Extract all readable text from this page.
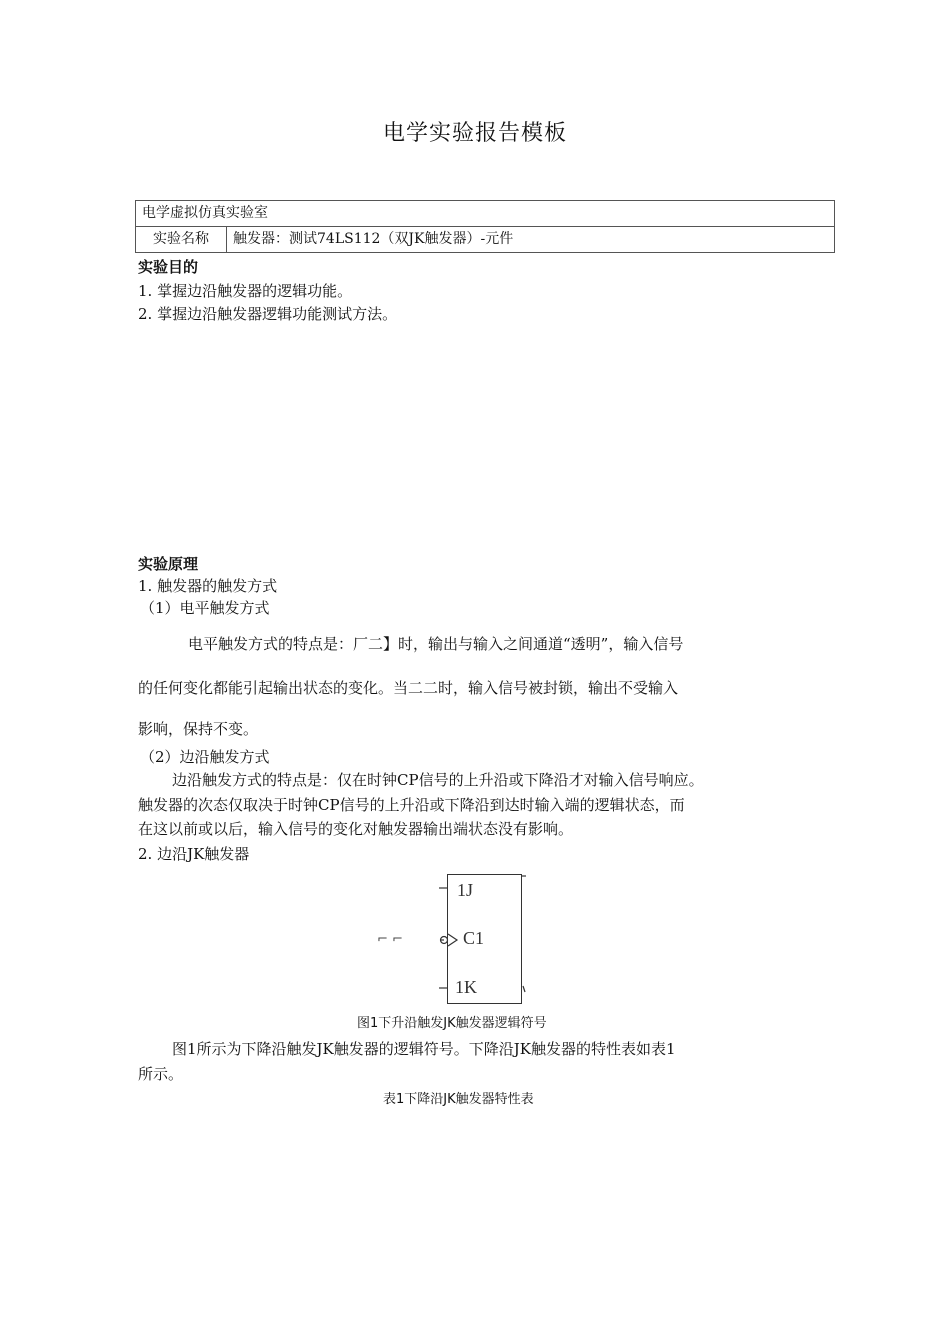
电学实验报告模板
电学虚拟仿真实验室
实验名称	触发器：测试74LS112（双JK触发器）-元件
实验目的
1. 掌握边沿触发器的逻辑功能。
2. 掌握边沿触发器逻辑功能测试方法。
实验原理
1. 触发器的触发方式
（1）电平触发方式
电平触发方式的特点是：厂二】时，输出与输入之间通道“透明”，输入信号
的任何变化都能引起输出状态的变化。当二二时，输入信号被封锁，输出不受输入
影响，保持不变。
（2）边沿触发方式
边沿触发方式的特点是：仅在时钟CP信号的上升沿或下降沿才对输入信号响应。
触发器的次态仅取决于时钟CP信号的上升沿或下降沿到达时输入端的逻辑状态，而
在这以前或以后，输入信号的变化对触发器输出端状态没有影响。
2. 边沿JK触发器
⌐ ⌐
1J
C1
1K
图1下升沿触发JK触发器逻辑符号
图1所示为下降沿触发JK触发器的逻辑符号。下降沿JK触发器的特性表如表1
所示。
表1下降沿JK触发器特性表
